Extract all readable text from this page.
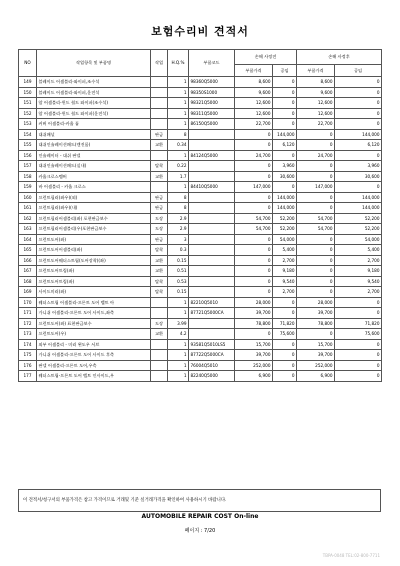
보험수리비 견적서
NO	작업항목 및 부품명	작업	H.Q.%	부품코드	손해 사정전		손해 사정후	
					부품가격	공임	부품가격	공임
149	블레이드 어셈블리-와이퍼,조수석		1	98360Q5000	8,600	0	8,600	0
150	블레이드 어셈블리-와이퍼,운전석		1	98350S1000	9,600	0	9,600	0
151	암 어셈블리-윈드 쉴드 와이퍼(조수석)		1	98321Q5000	12,600	0	12,600	0
152	암 어셈블리-윈드 쉴드 와이퍼(운전석)		1	98311Q5000	12,600	0	12,600	0
153	커버 어셈블리-카울 톱		1	86150Q5000	22,700	0	22,700	0
154	대쉬패널	판금	8		0	144,000	0	144,000
155	대쉬인슐레이션패드(엔진룸)	교환	0.34		0	6,120	0	6,120
156	인슐레이터 - 대쉬 판넬		1	84124Q5000	24,700	0	24,700	0
157	대쉬인슐레이션패드(실내)	탈착	0.22		0	3,960	0	3,960
158	카울크로스멤버	교환	1.7		0	30,600	0	30,600
159	바 어셈블리 - 카울 크로스		1	84410Q5000	147,000	0	147,000	0
160	프런트필러(좌우)(외)	판금	8		0	144,000	0	144,000
161	프런트필러(좌우)(내)	판금	8		0	144,000	0	144,000
162	프런트필러어셈블리(좌) 포현판금보수	도장	2.9		54,700	52,200	54,700	52,200
163	프런트필러어셈블리(우)포현판금보수	도장	2.9		54,700	52,200	54,700	52,200
164	프런트도어(좌)	판금	3		0	54,000	0	54,000
165	프런트도어어셈블리(좌)	탈착	0.3		0	5,400	0	5,400
166	프런트도어웨더스트립(도어장착)(좌)	교환	0.15		0	2,700	0	2,700
167	프런트도어트림(좌)	교환	0.51		0	9,180	0	9,180
168	프런트도어트림(좌)	탈착	0.53		0	9,540	0	9,540
169	사이드미러(좌)	탈착	0.15		0	2,700	0	2,700
170	웨더스트립 어셈블리-프론트 도어 벨트 아		1	82210Q5010	28,000	0	28,000	0
171	가니쉬 어셈블리-프론트 도어 사이드,좌측		1	87721Q5000CA	39,700	0	39,700	0
172	프런트도어(좌) 표현판금보수	도장	3.99		78,800	71,820	78,800	71,820
173	프런트도어(우)	교환	4.2		0	75,600	0	75,600
174	외부 어셈블리 - 미러 왼도우 서브		1	93581Q5010LS5	15,700	0	15,700	0
175	가니쉬 어셈블리-프론트 도어 사이드 후측		1	87722Q5000CA	39,700	0	39,700	0
176	판넬 어셈블리-프론트 도어,우측		1	76004Q5010	252,000	0	252,000	0
177	웨더스트립-프론트 도어 벨트 인사이드,우		1	82240Q5000	6,900	0	6,900	0
이 견적서/청구서의 부품가격은 참고 가격이므로 거래및 기준 실거래가격을 확인하여 사용하시기 바랍니다.
AUTOMOBILE REPAIR COST On-line
페이지 : 7/20
TBPA-0048 TEL:02-800-7711
